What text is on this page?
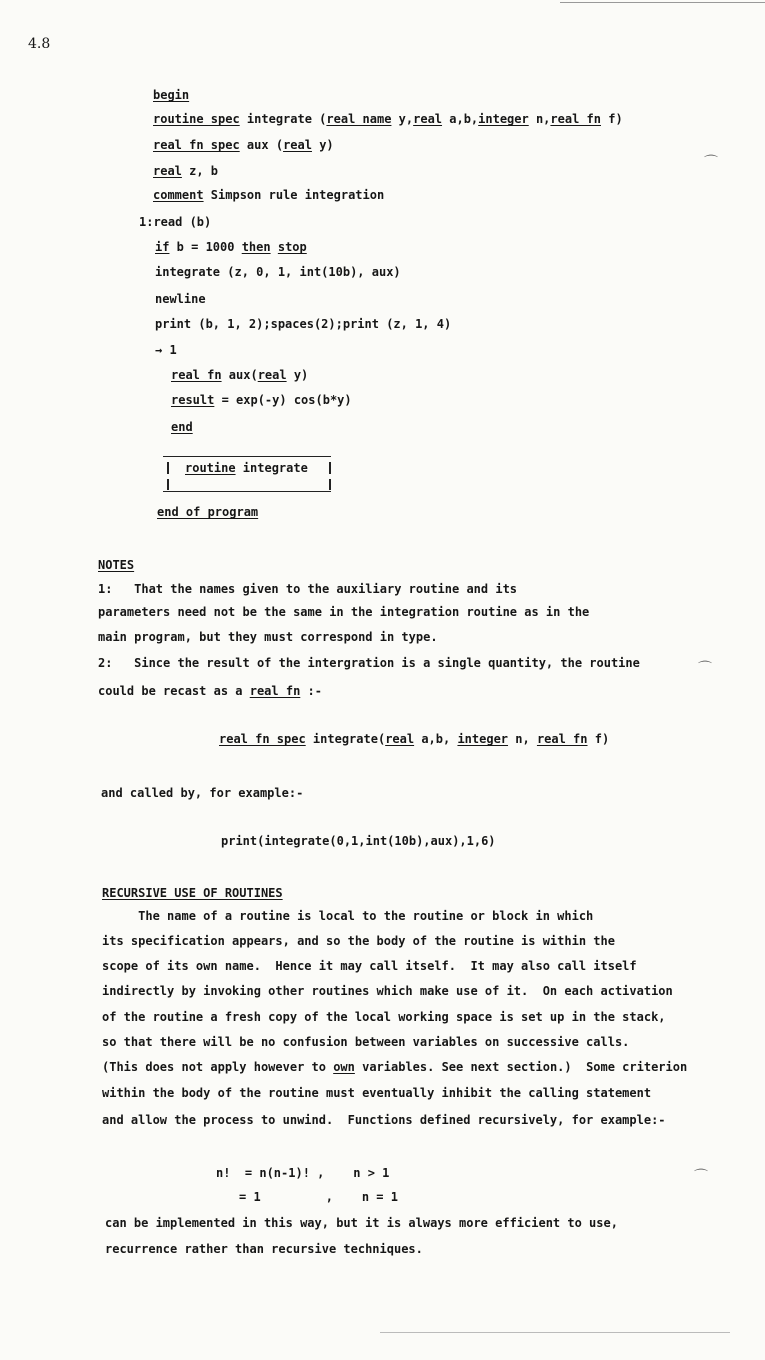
4.8
begin
routine spec integrate (real name y,real a,b,integer n,real fn f)
real fn spec aux (real y)
real z, b
comment Simpson rule integration
1:read (b)
if b = 1000 then stop
integrate (z, 0, 1, int(10b), aux)
newline
print (b, 1, 2);spaces(2);print (z, 1, 4)
→ 1
real fn aux(real y)
result = exp(-y) cos(b*y)
end
routine integrate
end of program
NOTES
1:   That the names given to the auxiliary routine and its
parameters need not be the same in the integration routine as in the
main program, but they must correspond in type.
2:   Since the result of the intergration is a single quantity, the routine
could be recast as a real fn :-
real fn spec integrate(real a,b, integer n, real fn f)
and called by, for example:-
print(integrate(0,1,int(10b),aux),1,6)
RECURSIVE USE OF ROUTINES
The name of a routine is local to the routine or block in which
its specification appears, and so the body of the routine is within the
scope of its own name.  Hence it may call itself.  It may also call itself
indirectly by invoking other routines which make use of it.  On each activation
of the routine a fresh copy of the local working space is set up in the stack,
so that there will be no confusion between variables on successive calls.
(This does not apply however to own variables. See next section.)  Some criterion
within the body of the routine must eventually inhibit the calling statement
and allow the process to unwind.  Functions defined recursively, for example:-
n!  = n(n-1)! ,    n > 1
= 1         ,    n = 1
can be implemented in this way, but it is always more efficient to use,
recurrence rather than recursive techniques.
⌒
⌒
⌒
